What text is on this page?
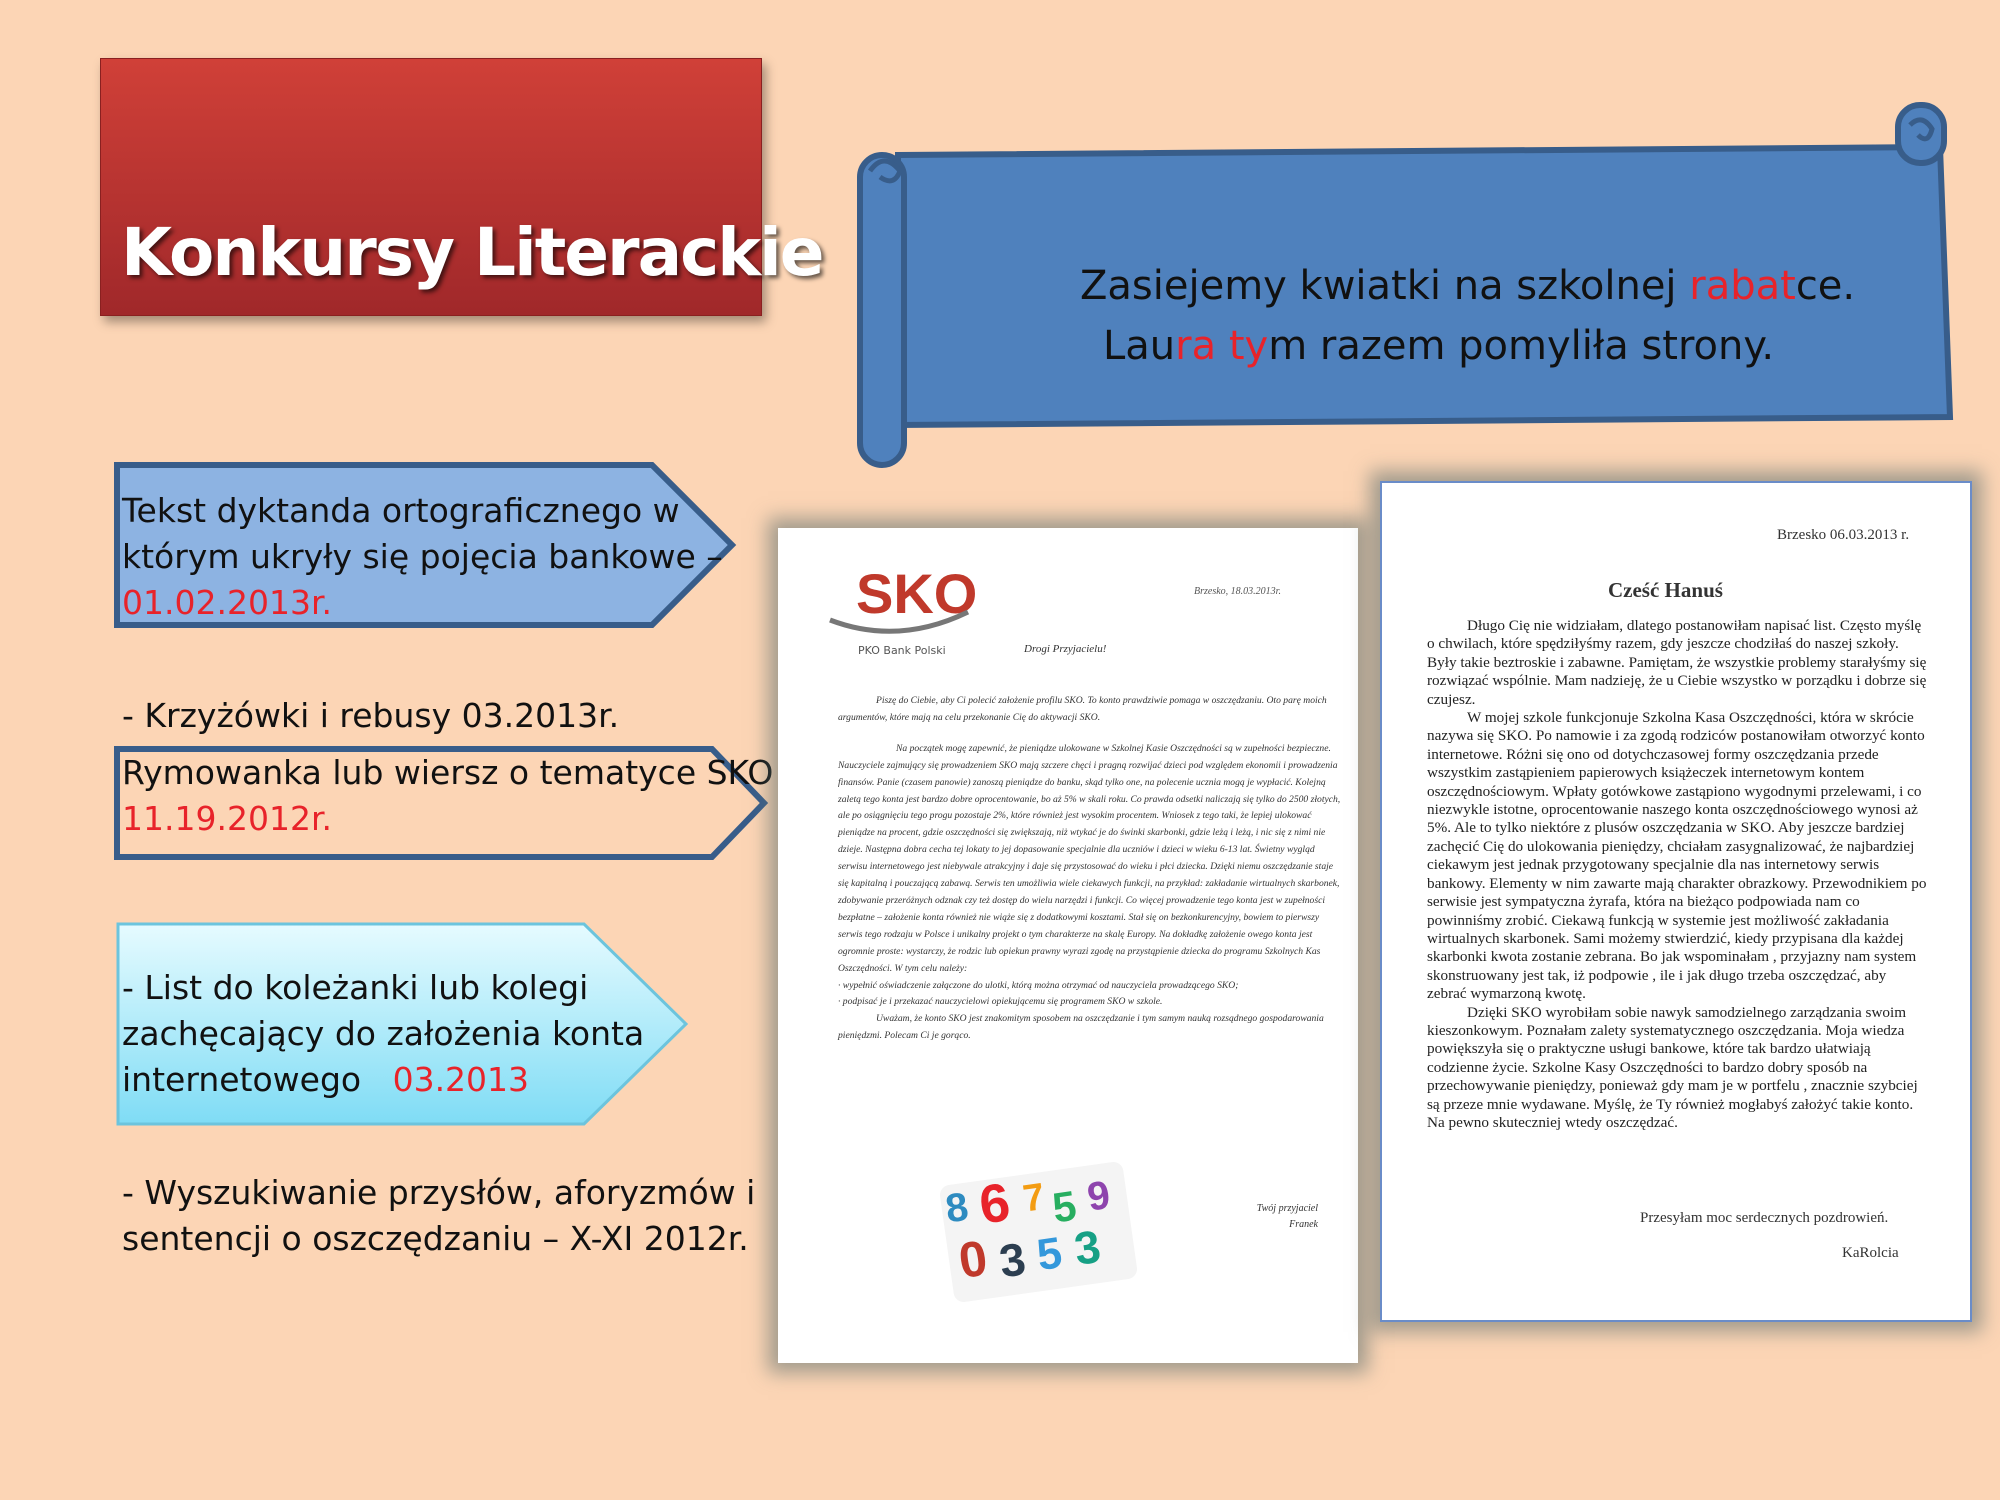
Konkursy Literackie	Zasiejemy kwiatki na szkolnej rabatce.
Laura tym razem pomyliła strony.
Tekst dyktanda ortograficznego w
którym ukryły się pojęcia bankowe –
01.02.2013r.
- Krzyżówki i rebusy 03.2013r.
Rymowanka lub wiersz o tematyce SKO
11.19.2012r.
- List do koleżanki lub kolegi
zachęcający do założenia konta
internetowego 03.2013
- Wyszukiwanie przysłów, aforyzmów i
sentencji o oszczędzaniu – X-XI 2012r.
SKO
PKO Bank Polski
Brzesko, 18.03.2013r.
Drogi Przyjacielu!
Piszę do Ciebie, aby Ci polecić założenie profilu SKO. To konto prawdziwie pomaga w oszczędzaniu. Oto parę moich argumentów, które mają na celu przekonanie Cię do aktywacji SKO.
Na początek mogę zapewnić, że pieniądze ulokowane w Szkolnej Kasie Oszczędności są w zupełności bezpieczne. Nauczyciele zajmujący się prowadzeniem SKO mają szczere chęci i pragną rozwijać dzieci pod względem ekonomii i prowadzenia finansów. Panie (czasem panowie) zanoszą pieniądze do banku, skąd tylko one, na polecenie ucznia mogą je wypłacić. Kolejną zaletą tego konta jest bardzo dobre oprocentowanie, bo aż 5% w skali roku. Co prawda odsetki naliczają się tylko do 2500 złotych, ale po osiągnięciu tego progu pozostaje 2%, które również jest wysokim procentem. Wniosek z tego taki, że lepiej ulokować pieniądze na procent, gdzie oszczędności się zwiększają, niż wtykać je do świnki skarbonki, gdzie leżą i leżą, i nic się z nimi nie dzieje. Następna dobra cecha tej lokaty to jej dopasowanie specjalnie dla uczniów i dzieci w wieku 6-13 lat. Świetny wygląd serwisu internetowego jest niebywale atrakcyjny i daje się przystosować do wieku i płci dziecka. Dzięki niemu oszczędzanie staje się kapitalną i pouczającą zabawą. Serwis ten umożliwia wiele ciekawych funkcji, na przykład: zakładanie wirtualnych skarbonek, zdobywanie przeróżnych odznak czy też dostęp do wielu narzędzi i funkcji. Co więcej prowadzenie tego konta jest w zupełności bezpłatne – założenie konta również nie wiąże się z dodatkowymi kosztami. Stał się on bezkonkurencyjny, bowiem to pierwszy serwis tego rodzaju w Polsce i unikalny projekt o tym charakterze na skalę Europy. Na dokładkę założenie owego konta jest ogromnie proste: wystarczy, że rodzic lub opiekun prawny wyrazi zgodę na przystąpienie dziecka do programu Szkolnych Kas Oszczędności. W tym celu należy:
· wypełnić oświadczenie załączone do ulotki, którą można otrzymać od nauczyciela prowadzącego SKO;
· podpisać je i przekazać nauczycielowi opiekującemu się programem SKO w szkole.
Uważam, że konto SKO jest znakomitym sposobem na oszczędzanie i tym samym nauką rozsądnego gospodarowania pieniędzmi. Polecam Ci je gorąco.
8 6 7 5 9
0 3 5 3
Twój przyjaciel
Franek
Brzesko 06.03.2013 r.
Cześć Hanuś
Długo Cię nie widziałam, dlatego postanowiłam napisać list. Często myślę o chwilach, które spędziłyśmy razem, gdy jeszcze chodziłaś do naszej szkoły. Były takie beztroskie i zabawne. Pamiętam, że wszystkie problemy starałyśmy się rozwiązać wspólnie. Mam nadzieję, że u Ciebie wszystko w porządku i dobrze się czujesz.
W mojej szkole funkcjonuje Szkolna Kasa Oszczędności, która w skrócie nazywa się SKO. Po namowie i za zgodą rodziców postanowiłam otworzyć konto internetowe. Różni się ono od dotychczasowej formy oszczędzania przede wszystkim zastąpieniem papierowych książeczek internetowym kontem oszczędnościowym. Wpłaty gotówkowe zastąpiono wygodnymi przelewami, i co niezwykle istotne, oprocentowanie naszego konta oszczędnościowego wynosi aż 5%. Ale to tylko niektóre z plusów oszczędzania w SKO. Aby jeszcze bardziej zachęcić Cię do ulokowania pieniędzy, chciałam zasygnalizować, że najbardziej ciekawym jest jednak przygotowany specjalnie dla nas internetowy serwis bankowy. Elementy w nim zawarte mają charakter obrazkowy. Przewodnikiem po serwisie jest sympatyczna żyrafa, która na bieżąco podpowiada nam co powinniśmy zrobić. Ciekawą funkcją w systemie jest możliwość zakładania wirtualnych skarbonek. Sami możemy stwierdzić, kiedy przypisana dla każdej skarbonki kwota zostanie zebrana. Bo jak wspominałam , przyjazny nam system skonstruowany jest tak, iż podpowie , ile i jak długo trzeba oszczędzać, aby zebrać wymarzoną kwotę.
Dzięki SKO wyrobiłam sobie nawyk samodzielnego zarządzania swoim kieszonkowym. Poznałam zalety systematycznego oszczędzania. Moja wiedza powiększyła się o praktyczne usługi bankowe, które tak bardzo ułatwiają codzienne życie. Szkolne Kasy Oszczędności to bardzo dobry sposób na przechowywanie pieniędzy, ponieważ gdy mam je w portfelu , znacznie szybciej są przeze mnie wydawane. Myślę, że Ty również mogłabyś założyć takie konto. Na pewno skuteczniej wtedy oszczędzać.
Przesyłam moc serdecznych pozdrowień.
KaRolcia
